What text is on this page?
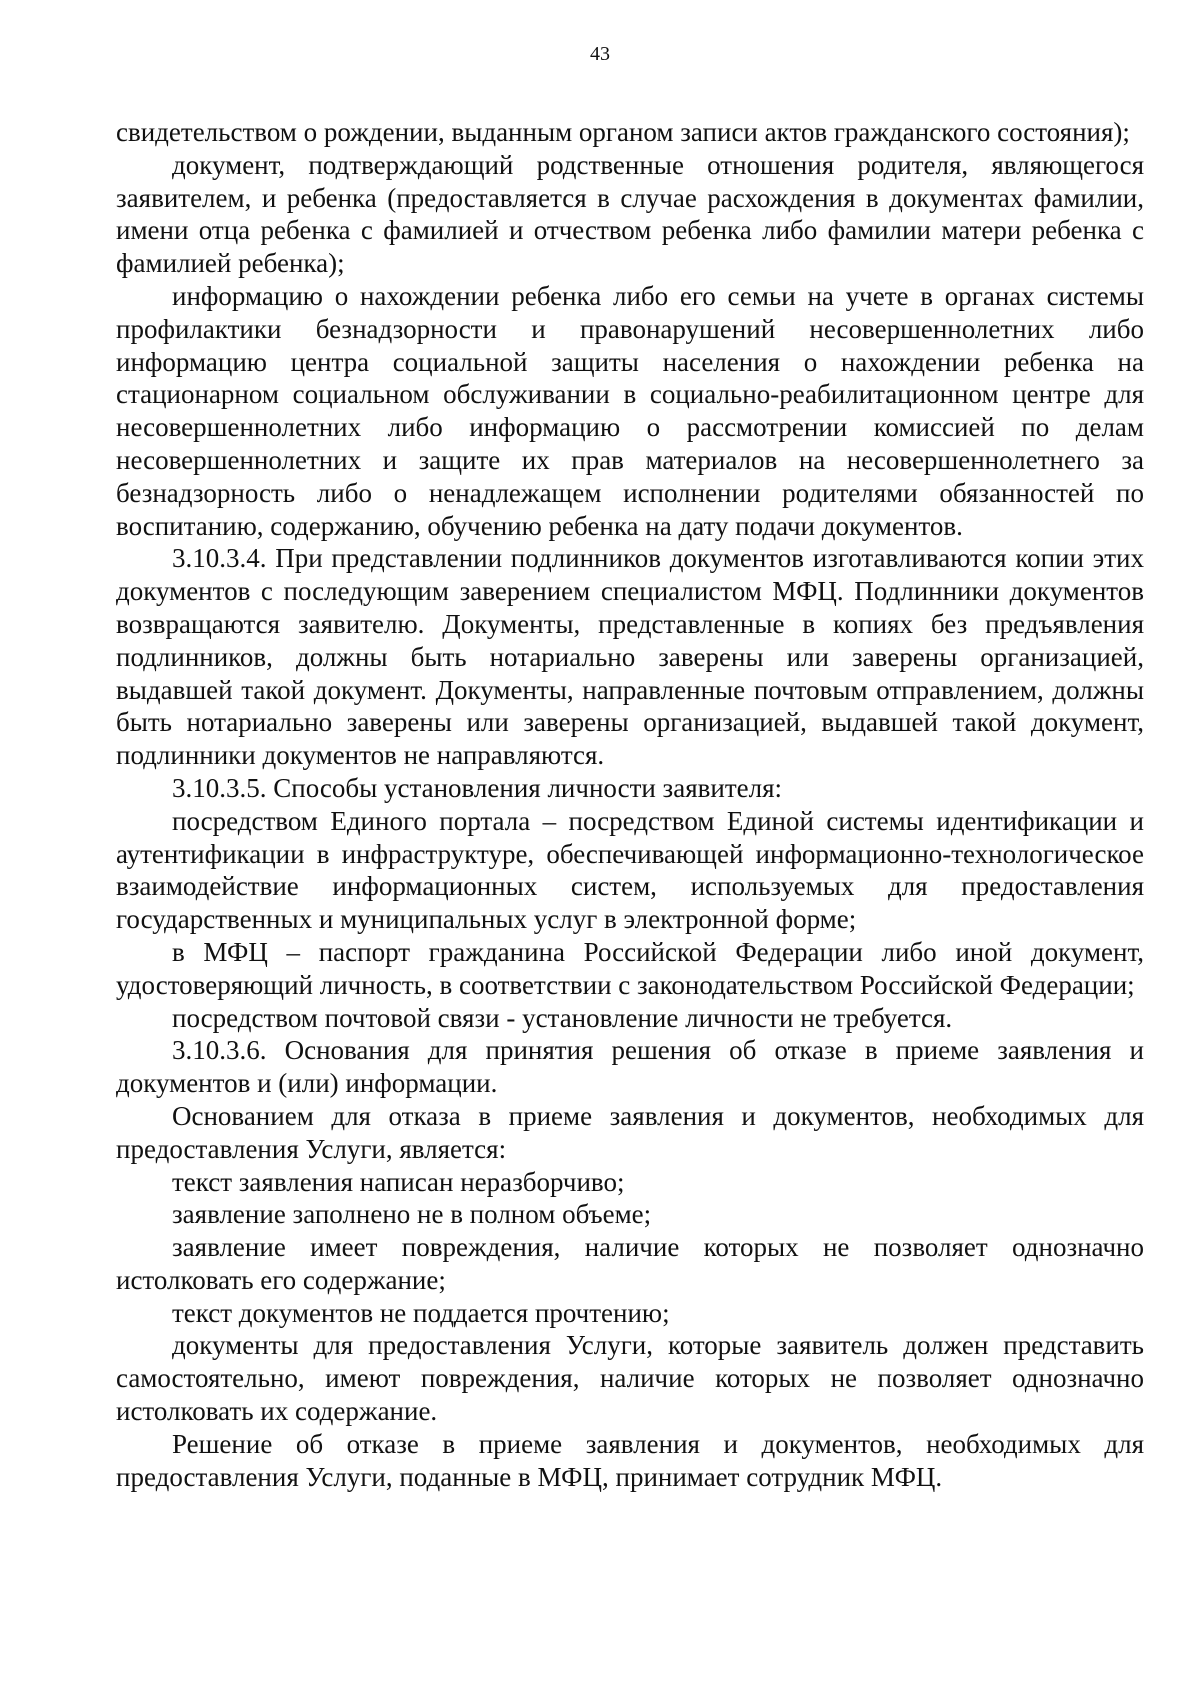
43

свидетельством о рождении, выданным органом записи актов гражданского состояния);

документ, подтверждающий родственные отношения родителя, являющегося заявителем, и ребенка (предоставляется в случае расхождения в документах фамилии, имени отца ребенка с фамилией и отчеством ребенка либо фамилии матери ребенка с фамилией ребенка);

информацию о нахождении ребенка либо его семьи на учете в органах системы профилактики безнадзорности и правонарушений несовершеннолетних либо информацию центра социальной защиты населения о нахождении ребенка на стационарном социальном обслуживании в социально-реабилитационном центре для несовершеннолетних либо информацию о рассмотрении комиссией по делам несовершеннолетних и защите их прав материалов на несовершеннолетнего за безнадзорность либо о ненадлежащем исполнении родителями обязанностей по воспитанию, содержанию, обучению ребенка на дату подачи документов.

3.10.3.4. При представлении подлинников документов изготавливаются копии этих документов с последующим заверением специалистом МФЦ. Подлинники документов возвращаются заявителю. Документы, представленные в копиях без предъявления подлинников, должны быть нотариально заверены или заверены организацией, выдавшей такой документ. Документы, направленные почтовым отправлением, должны быть нотариально заверены или заверены организацией, выдавшей такой документ, подлинники документов не направляются.

3.10.3.5. Способы установления личности заявителя:

посредством Единого портала – посредством Единой системы идентификации и аутентификации в инфраструктуре, обеспечивающей информационно-технологическое взаимодействие информационных систем, используемых для предоставления государственных и муниципальных услуг в электронной форме;

в МФЦ – паспорт гражданина Российской Федерации либо иной документ, удостоверяющий личность, в соответствии с законодательством Российской Федерации;

посредством почтовой связи - установление личности не требуется.

3.10.3.6. Основания для принятия решения об отказе в приеме заявления и документов и (или) информации.

Основанием для отказа в приеме заявления и документов, необходимых для предоставления Услуги, является:

текст заявления написан неразборчиво;

заявление заполнено не в полном объеме;

заявление имеет повреждения, наличие которых не позволяет однозначно истолковать его содержание;

текст документов не поддается прочтению;

документы для предоставления Услуги, которые заявитель должен представить самостоятельно, имеют повреждения, наличие которых не позволяет однозначно истолковать их содержание.

Решение об отказе в приеме заявления и документов, необходимых для предоставления Услуги, поданные в МФЦ, принимает сотрудник МФЦ.
